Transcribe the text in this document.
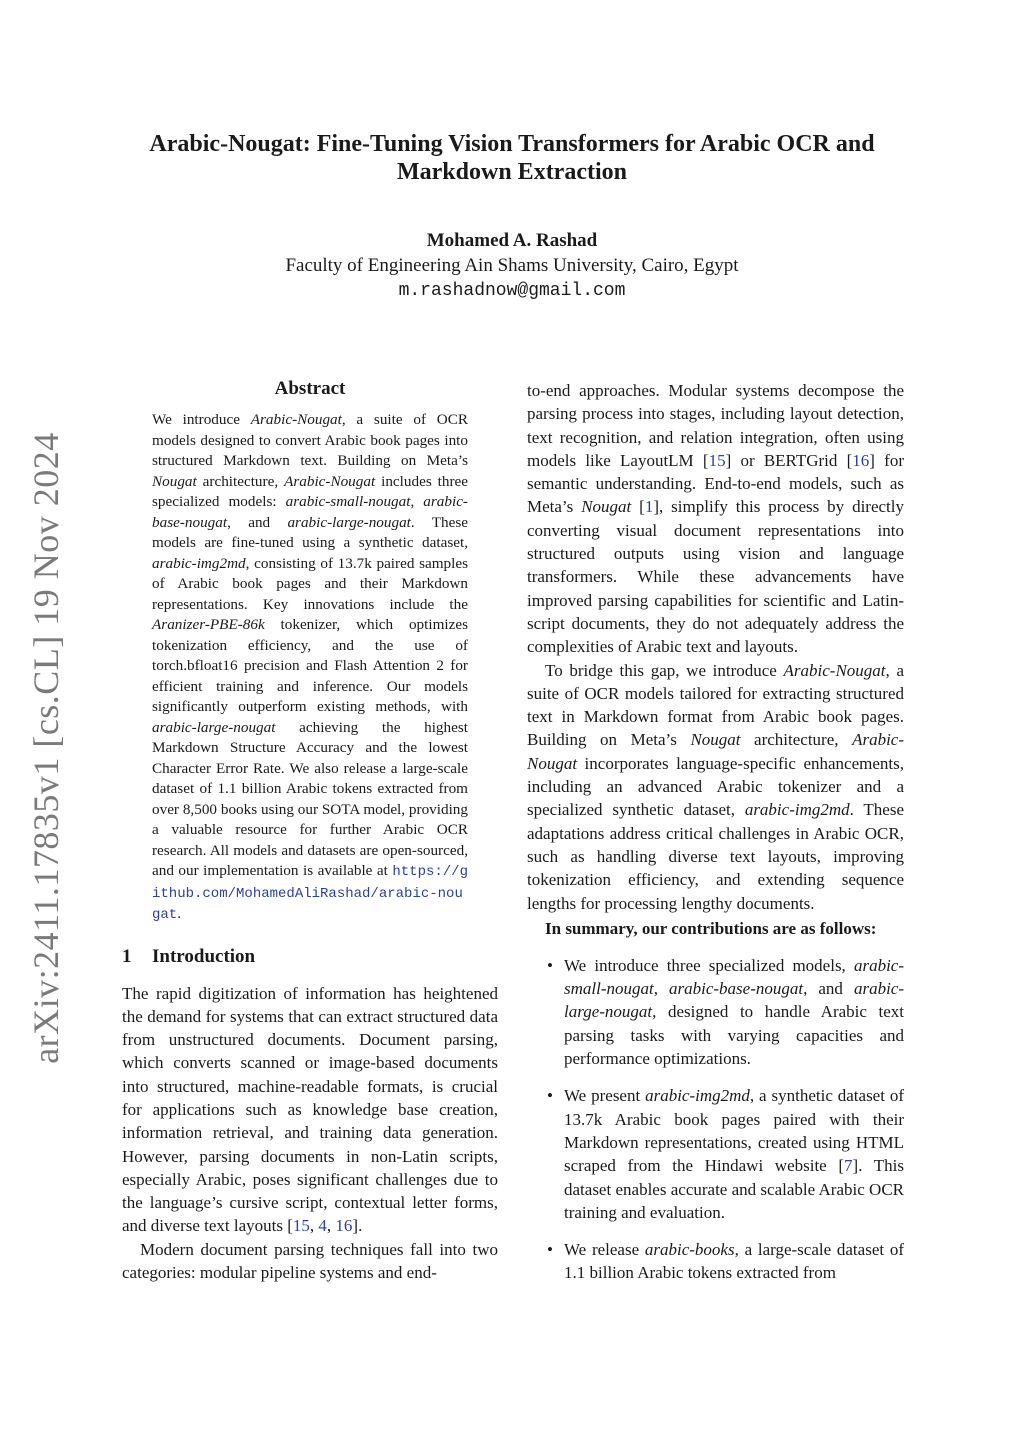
arXiv:2411.17835v1 [cs.CL] 19 Nov 2024
Arabic-Nougat: Fine-Tuning Vision Transformers for Arabic OCR and Markdown Extraction
Mohamed A. Rashad
Faculty of Engineering Ain Shams University, Cairo, Egypt
m.rashadnow@gmail.com
Abstract
We introduce Arabic-Nougat, a suite of OCR models designed to convert Arabic book pages into structured Markdown text. Building on Meta’s Nougat architecture, Arabic-Nougat includes three specialized models: arabic-small-nougat, arabic-base-nougat, and arabic-large-nougat. These models are fine-tuned using a synthetic dataset, arabic-img2md, consisting of 13.7k paired samples of Arabic book pages and their Markdown representations. Key innovations include the Aranizer-PBE-86k tokenizer, which optimizes tokenization efficiency, and the use of torch.bfloat16 precision and Flash Attention 2 for efficient training and inference. Our models significantly outperform existing methods, with arabic-large-nougat achieving the highest Markdown Structure Accuracy and the lowest Character Error Rate. We also release a large-scale dataset of 1.1 billion Arabic tokens extracted from over 8,500 books using our SOTA model, providing a valuable resource for further Arabic OCR research. All models and datasets are open-sourced, and our implementation is available at https://github.com/MohamedAliRashad/arabic-nougat.
1 Introduction

The rapid digitization of information has heightened the demand for systems that can extract structured data from unstructured documents. Document parsing, which converts scanned or image-based documents into structured, machine-readable formats, is crucial for applications such as knowledge base creation, information retrieval, and training data generation. However, parsing documents in non-Latin scripts, especially Arabic, poses significant challenges due to the language’s cursive script, contextual letter forms, and diverse text layouts [15, 4, 16].

Modern document parsing techniques fall into two categories: modular pipeline systems and end-

to-end approaches. Modular systems decompose the parsing process into stages, including layout detection, text recognition, and relation integration, often using models like LayoutLM [15] or BERTGrid [16] for semantic understanding. End-to-end models, such as Meta’s Nougat [1], simplify this process by directly converting visual document representations into structured outputs using vision and language transformers. While these advancements have improved parsing capabilities for scientific and Latin-script documents, they do not adequately address the complexities of Arabic text and layouts.

To bridge this gap, we introduce Arabic-Nougat, a suite of OCR models tailored for extracting structured text in Markdown format from Arabic book pages. Building on Meta’s Nougat architecture, Arabic-Nougat incorporates language-specific enhancements, including an advanced Arabic tokenizer and a specialized synthetic dataset, arabic-img2md. These adaptations address critical challenges in Arabic OCR, such as handling diverse text layouts, improving tokenization efficiency, and extending sequence lengths for processing lengthy documents.

In summary, our contributions are as follows:
• We introduce three specialized models, arabic-small-nougat, arabic-base-nougat, and arabic-large-nougat, designed to handle Arabic text parsing tasks with varying capacities and performance optimizations.
• We present arabic-img2md, a synthetic dataset of 13.7k Arabic book pages paired with their Markdown representations, created using HTML scraped from the Hindawi website [7]. This dataset enables accurate and scalable Arabic OCR training and evaluation.
• We release arabic-books, a large-scale dataset of 1.1 billion Arabic tokens extracted from
